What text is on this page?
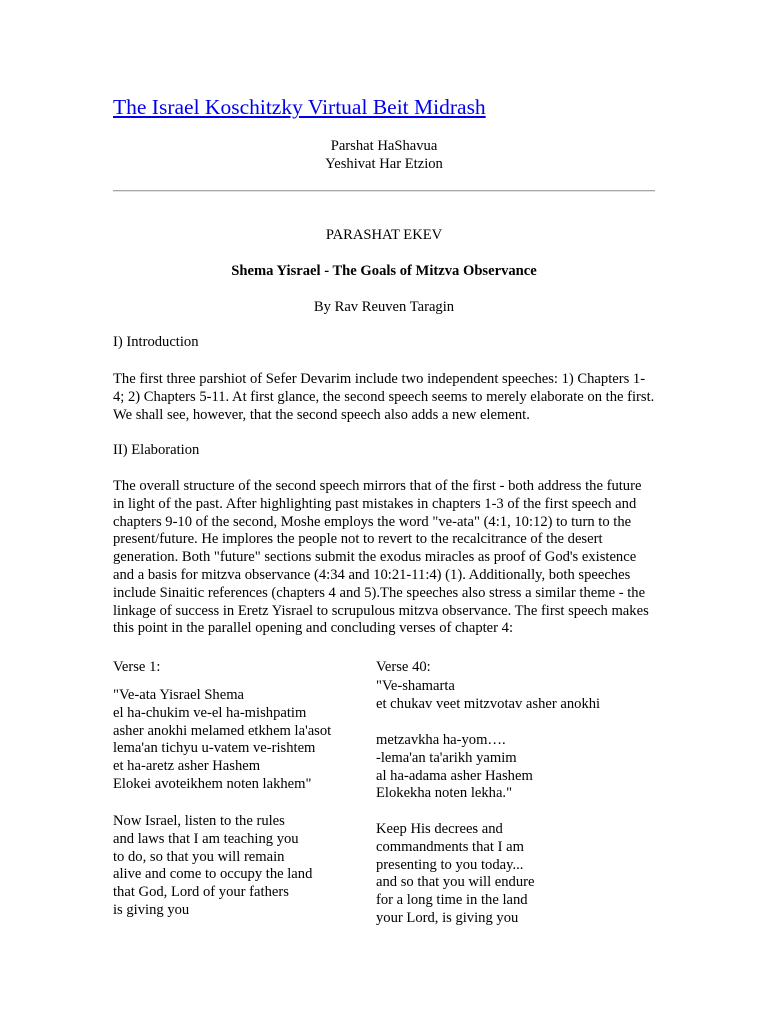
The Israel Koschitzky Virtual Beit Midrash
Parshat HaShavua
Yeshivat Har Etzion

PARASHAT EKEV

Shema Yisrael - The Goals of Mitzva Observance

By Rav Reuven Taragin

I) Introduction

The first three parshiot of Sefer Devarim include two independent speeches: 1) Chapters 1-4; 2) Chapters 5-11. At first glance, the second speech seems to merely elaborate on the first. We shall see, however, that the second speech also adds a new element.

II) Elaboration

The overall structure of the second speech mirrors that of the first - both address the future in light of the past. After highlighting past mistakes in chapters 1-3 of the first speech and chapters 9-10 of the second, Moshe employs the word "ve-ata" (4:1, 10:12) to turn to the present/future. He implores the people not to revert to the recalcitrance of the desert generation. Both "future" sections submit the exodus miracles as proof of God's existence and a basis for mitzva observance (4:34 and 10:21-11:4) (1). Additionally, both speeches include Sinaitic references (chapters 4 and 5).The speeches also stress a similar theme - the linkage of success in Eretz Yisrael to scrupulous mitzva observance. The first speech makes this point in the parallel opening and concluding verses of chapter 4:

Verse 1:
"Ve-ata Yisrael Shema
el ha-chukim ve-el ha-mishpatim
asher anokhi melamed etkhem la'asot
lema'an tichyu u-vatem ve-rishtem
et ha-aretz asher Hashem
Elokei avoteikhem noten lakhem"
Now Israel, listen to the rules
and laws that I am teaching you
to do, so that you will remain
alive and come to occupy the land
that God, Lord of your fathers
is giving you
Verse 40:
"Ve-shamarta
et chukav veet mitzvotav asher anokhi
metzavkha ha-yom….
-lema'an ta'arikh yamim
al ha-adama asher Hashem
Elokekha noten lekha."
Keep His decrees and
commandments that I am
presenting to you today...
and so that you will endure
for a long time in the land
your Lord, is giving you
